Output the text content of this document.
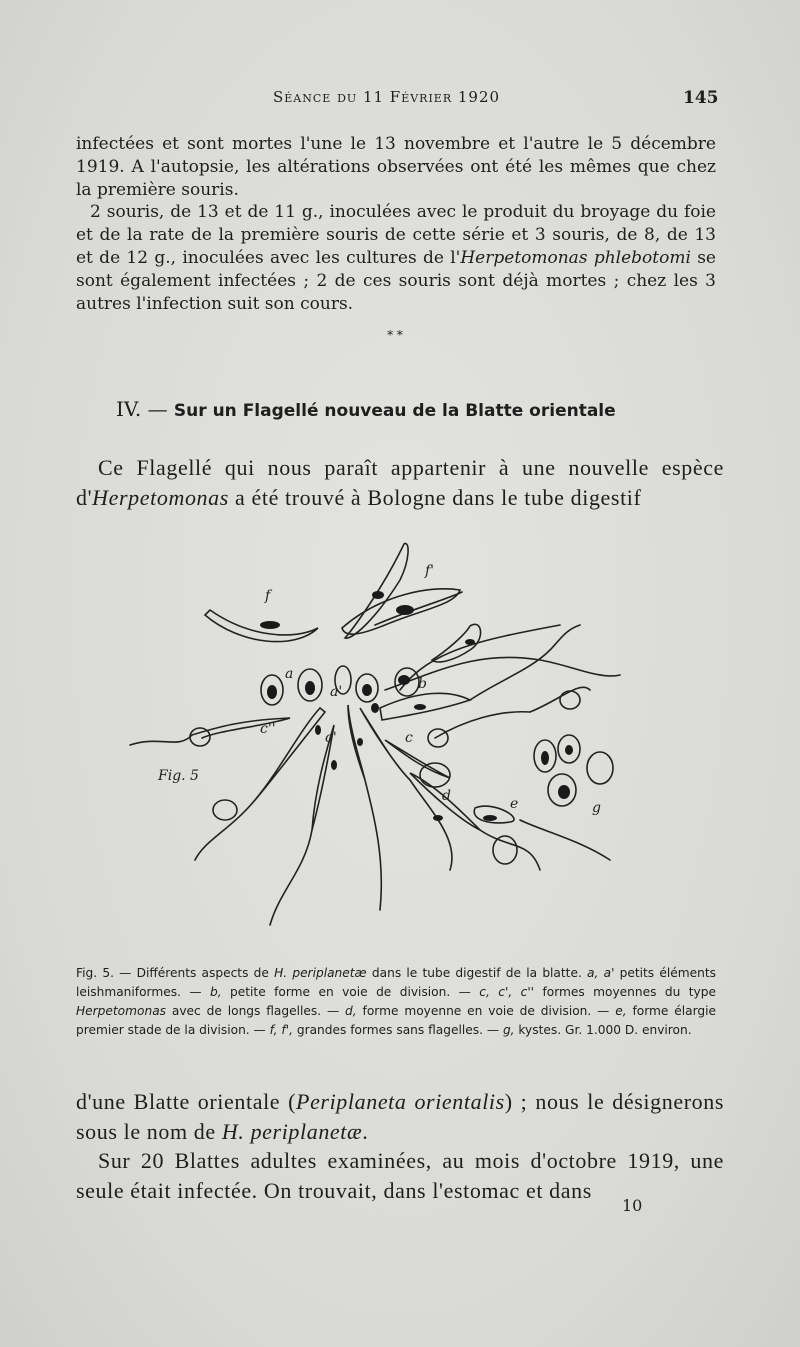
Séance du 11 Février 1920	145

infectées et sont mortes l'une le 13 novembre et l'autre le 5 décembre 1919. A l'autopsie, les altérations observées ont été les mêmes que chez la première souris.

2 souris, de 13 et de 11 g., inoculées avec le produit du broyage du foie et de la rate de la première souris de cette série et 3 souris, de 8, de 13 et de 12 g., inoculées avec les cultures de l'Herpetomonas phlebotomi se sont également infectées ; 2 de ces souris sont déjà mortes ; chez les 3 autres l'infection suit son cours.

* *
IV. — Sur un Flagellé nouveau de la Blatte orientale

Ce Flagellé qui nous paraît appartenir à une nouvelle espèce d'Herpetomonas a été trouvé à Bologne dans le tube digestif

Fig. 5
f
f'
a
a'	b
c''
c'	c
d	e	g

Fig. 5. — Différents aspects de H. periplanetæ dans le tube digestif de la blatte. a, a' petits éléments leishmaniformes. — b, petite forme en voie de division. — c, c', c'' formes moyennes du type Herpetomonas avec de longs flagelles. — d, forme moyenne en voie de division. — e, forme élargie premier stade de la division. — f, f', grandes formes sans flagelles. — g, kystes. Gr. 1.000 D. environ.

d'une Blatte orientale (Periplaneta orientalis) ; nous le désignerons sous le nom de H. periplanetæ.

Sur 20 Blattes adultes examinées, au mois d'octobre 1919, une seule était infectée. On trouvait, dans l'estomac et dans

10
